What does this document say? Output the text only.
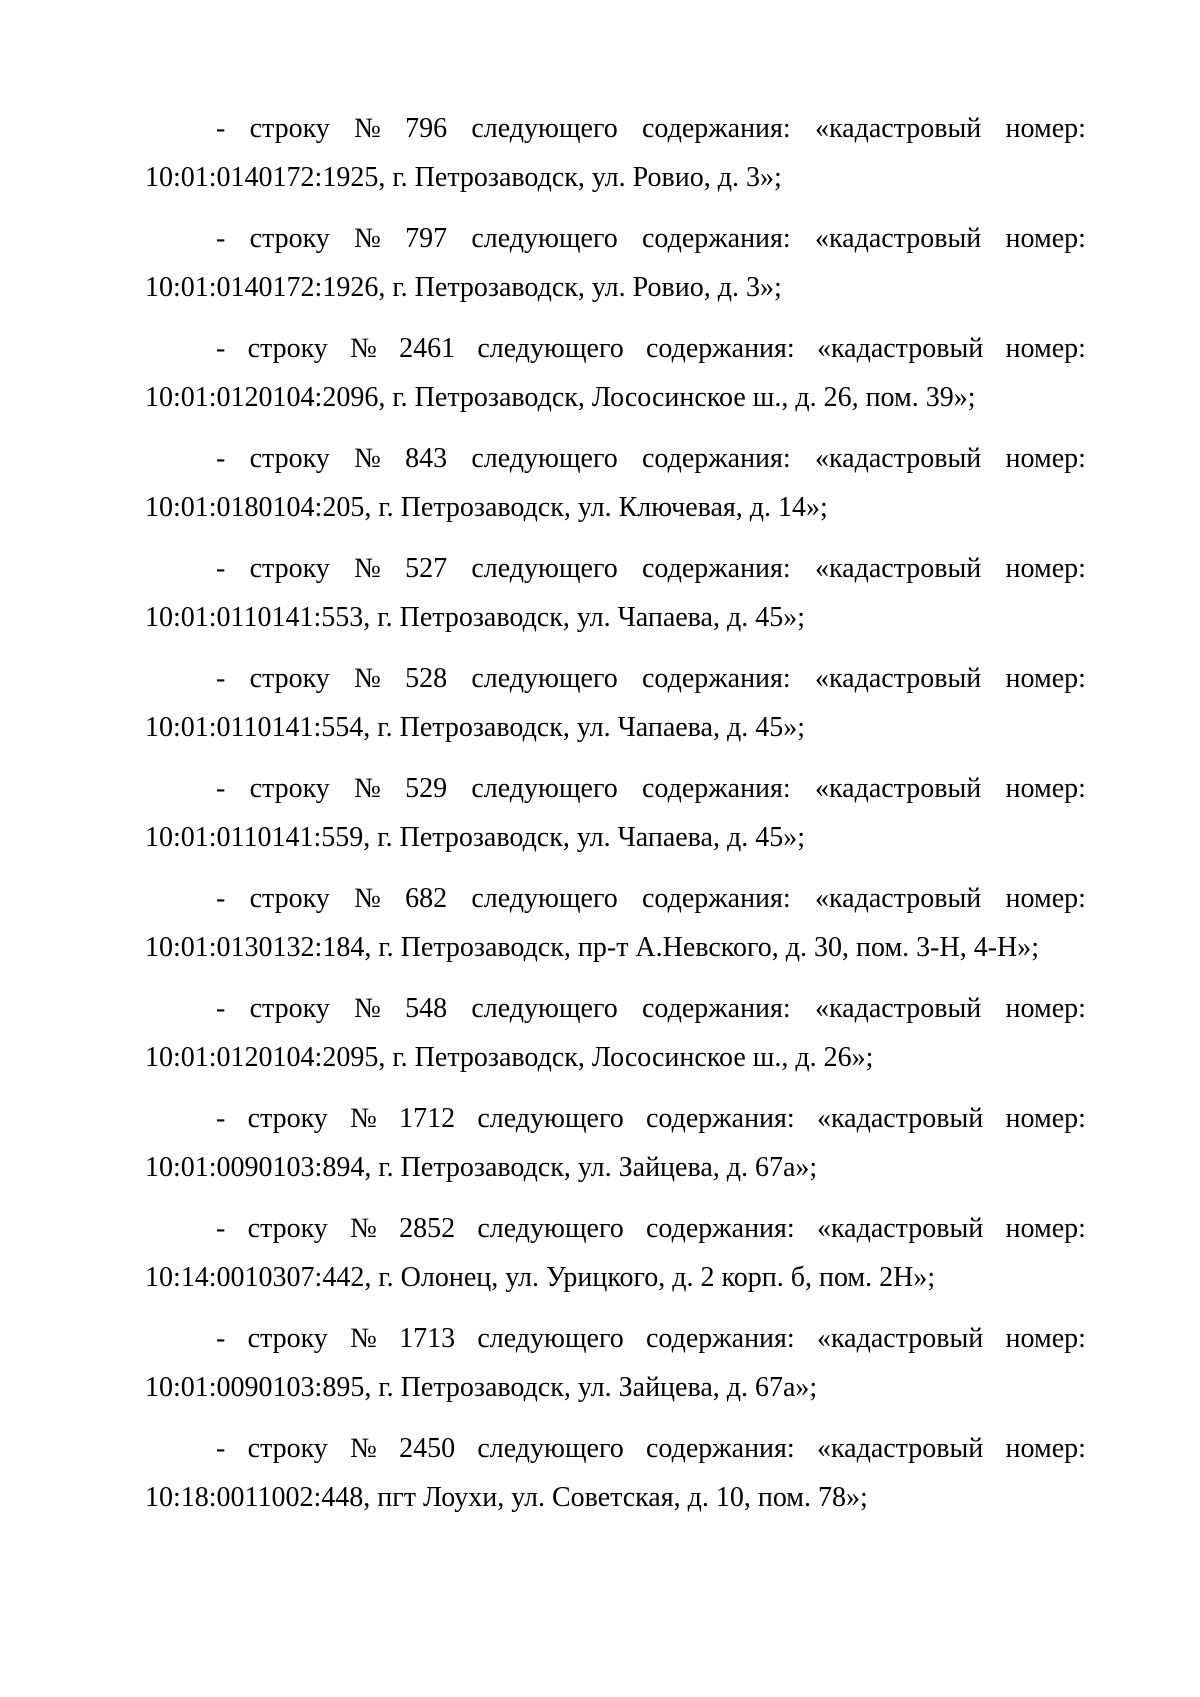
- строку № 796 следующего содержания: «кадастровый номер:

10:01:0140172:1925, г. Петрозаводск, ул. Ровио, д. 3»;

- строку № 797 следующего содержания: «кадастровый номер:

10:01:0140172:1926, г. Петрозаводск, ул. Ровио, д. 3»;

- строку № 2461 следующего содержания: «кадастровый номер:

10:01:0120104:2096, г. Петрозаводск, Лососинское ш., д. 26, пом. 39»;

- строку № 843 следующего содержания: «кадастровый номер:

10:01:0180104:205, г. Петрозаводск, ул. Ключевая, д. 14»;

- строку № 527 следующего содержания: «кадастровый номер:

10:01:0110141:553, г. Петрозаводск, ул. Чапаева, д. 45»;

- строку № 528 следующего содержания: «кадастровый номер:

10:01:0110141:554, г. Петрозаводск, ул. Чапаева, д. 45»;

- строку № 529 следующего содержания: «кадастровый номер:

10:01:0110141:559, г. Петрозаводск, ул. Чапаева, д. 45»;

- строку № 682 следующего содержания: «кадастровый номер:

10:01:0130132:184, г. Петрозаводск, пр-т А.Невского, д. 30, пом. 3-Н, 4-Н»;

- строку № 548 следующего содержания: «кадастровый номер:

10:01:0120104:2095, г. Петрозаводск, Лососинское ш., д. 26»;

- строку № 1712 следующего содержания: «кадастровый номер:

10:01:0090103:894, г. Петрозаводск, ул. Зайцева, д. 67а»;

- строку № 2852 следующего содержания: «кадастровый номер:

10:14:0010307:442, г. Олонец, ул. Урицкого, д. 2 корп. б, пом. 2Н»;

- строку № 1713 следующего содержания: «кадастровый номер:

10:01:0090103:895, г. Петрозаводск, ул. Зайцева, д. 67а»;

- строку № 2450 следующего содержания: «кадастровый номер:

10:18:0011002:448, пгт Лоухи, ул. Советская, д. 10, пом. 78»;
